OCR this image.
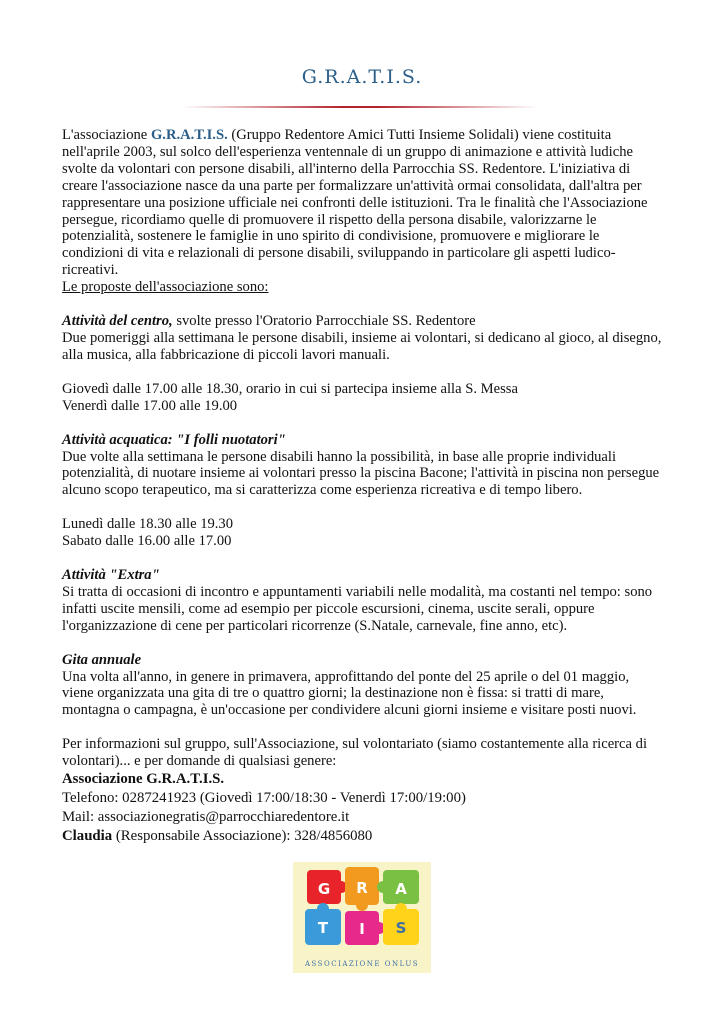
G.R.A.T.I.S.

L'associazione G.R.A.T.I.S. (Gruppo Redentore Amici Tutti Insieme Solidali) viene costituita nell'aprile 2003, sul solco dell'esperienza ventennale di un gruppo di animazione e attività ludiche svolte da volontari con persone disabili, all'interno della Parrocchia SS. Redentore. L'iniziativa di creare l'associazione nasce da una parte per formalizzare un'attività ormai consolidata, dall'altra per rappresentare una posizione ufficiale nei confronti delle istituzioni. Tra le finalità che l'Associazione persegue, ricordiamo quelle di promuovere il rispetto della persona disabile, valorizzarne le potenzialità, sostenere le famiglie in uno spirito di condivisione, promuovere e migliorare le condizioni di vita e relazionali di persone disabili, sviluppando in particolare gli aspetti ludico-ricreativi.

Le proposte dell'associazione sono:

Attività del centro, svolte presso l'Oratorio Parrocchiale SS. Redentore

Due pomeriggi alla settimana le persone disabili, insieme ai volontari, si dedicano al gioco, al disegno, alla musica, alla fabbricazione di piccoli lavori manuali.

Giovedì dalle 17.00 alle 18.30, orario in cui si partecipa insieme alla S. Messa

Venerdì dalle 17.00 alle 19.00

Attività acquatica: "I folli nuotatori"

Due volte alla settimana le persone disabili hanno la possibilità, in base alle proprie individuali potenzialità, di nuotare insieme ai volontari presso la piscina Bacone; l'attività in piscina non persegue alcuno scopo terapeutico, ma si caratterizza come esperienza ricreativa e di tempo libero.

Lunedì dalle 18.30 alle 19.30

Sabato dalle 16.00 alle 17.00

Attività "Extra"

Si tratta di occasioni di incontro e appuntamenti variabili nelle modalità, ma costanti nel tempo: sono infatti uscite mensili, come ad esempio per piccole escursioni, cinema, uscite serali, oppure l'organizzazione di cene per particolari ricorrenze (S.Natale, carnevale, fine anno, etc).

Gita annuale

Una volta all'anno, in genere in primavera, approfittando del ponte del 25 aprile o del 01 maggio, viene organizzata una gita di tre o quattro giorni; la destinazione non è fissa: si tratti di mare, montagna o campagna, è un'occasione per condividere alcuni giorni insieme e visitare posti nuovi.

Per informazioni sul gruppo, sull'Associazione, sul volontariato (siamo costantemente alla ricerca di volontari)... e per domande di qualsiasi genere:

Associazione G.R.A.T.I.S.

Telefono: 0287241923 (Giovedì 17:00/18:30 - Venerdì 17:00/19:00)

Mail: associazionegratis@parrocchiaredentore.it

Claudia (Responsabile Associazione): 328/4856080

G R A
T I S
ASSOCIAZIONE ONLUS
